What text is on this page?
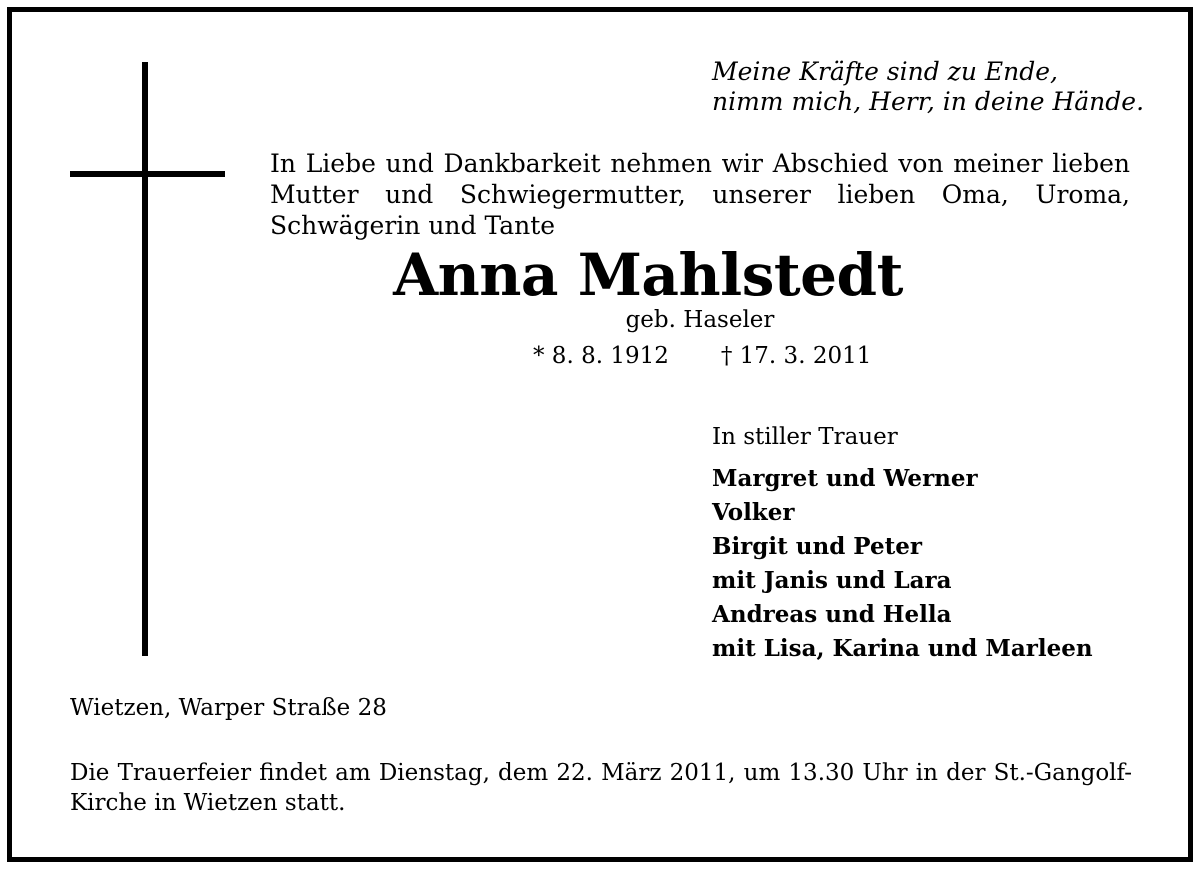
Meine Kräfte sind zu Ende,
nimm mich, Herr, in deine Hände.
In Liebe und Dankbarkeit nehmen wir Abschied von meiner lieben Mutter und Schwiegermutter, unserer lieben Oma, Uroma, Schwägerin und Tante
Anna Mahlstedt
geb. Haseler
* 8. 8. 1912 † 17. 3. 2011
In stiller Trauer
Margret und Werner
Volker
Birgit und Peter
mit Janis und Lara
Andreas und Hella
mit Lisa, Karina und Marleen
Wietzen, Warper Straße 28
Die Trauerfeier findet am Dienstag, dem 22. März 2011, um 13.30 Uhr in der St.-Gangolf-Kirche in Wietzen statt.
